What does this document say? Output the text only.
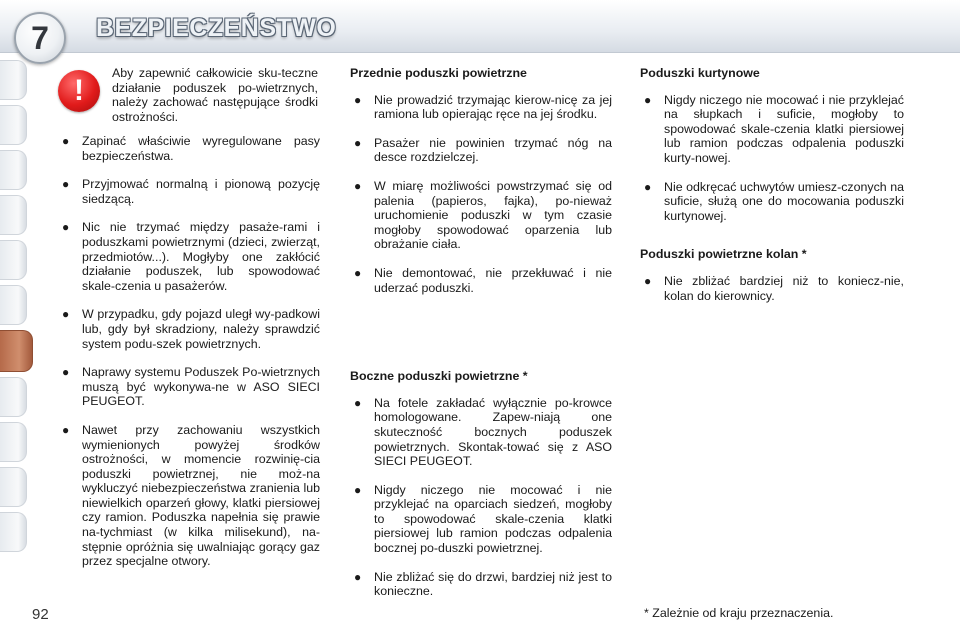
7	BEZPIECZEŃSTWO
!
Aby zapewnić całkowicie sku-teczne działanie poduszek po-wietrznych, należy zachować następujące środki ostrożności.
● Zapinać właściwie wyregulowane pasy bezpieczeństwa.
● Przyjmować normalną i pionową pozycję siedzącą.
● Nic nie trzymać między pasaże-rami i poduszkami powietrznymi (dzieci, zwierząt, przedmiotów...). Mogłyby one zakłócić działanie poduszek, lub spowodować skale-czenia u pasażerów.
● W przypadku, gdy pojazd uległ wy-padkowi lub, gdy był skradziony, należy sprawdzić system podu-szek powietrznych.
● Naprawy systemu Poduszek Po-wietrznych muszą być wykonywa-ne w ASO SIECI PEUGEOT.
● Nawet przy zachowaniu wszystkich wymienionych powyżej środków ostrożności, w momencie rozwinię-cia poduszki powietrznej, nie moż-na wykluczyć niebezpieczeństwa zranienia lub niewielkich oparzeń głowy, klatki piersiowej czy ramion. Poduszka napełnia się prawie na-tychmiast (w kilka milisekund), na-stępnie opróżnia się uwalniając gorący gaz przez specjalne otwory.
Przednie poduszki powietrzne
● Nie prowadzić trzymając kierow-nicę za jej ramiona lub opierając ręce na jej środku.
● Pasażer nie powinien trzymać nóg na desce rozdzielczej.
● W miarę możliwości powstrzymać się od palenia (papieros, fajka), po-nieważ uruchomienie poduszki w tym czasie mogłoby spowodować oparzenia lub obrażanie ciała.
● Nie demontować, nie przekłuwać i nie uderzać poduszki.
Boczne poduszki powietrzne *
● Na fotele zakładać wyłącznie po-krowce homologowane. Zapew-niają one skuteczność bocznych poduszek powietrznych. Skontak-tować się z ASO SIECI PEUGEOT.
● Nigdy niczego nie mocować i nie przyklejać na oparciach siedzeń, mogłoby to spowodować skale-czenia klatki piersiowej lub ramion podczas odpalenia bocznej po-duszki powietrznej.
● Nie zbliżać się do drzwi, bardziej niż jest to konieczne.
Poduszki kurtynowe
● Nigdy niczego nie mocować i nie przyklejać na słupkach i suficie, mogłoby to spowodować skale-czenia klatki piersiowej lub ramion podczas odpalenia poduszki kurty-nowej.
● Nie odkręcać uchwytów umiesz-czonych na suficie, służą one do mocowania poduszki kurtynowej.
Poduszki powietrzne kolan *
● Nie zbliżać bardziej niż to koniecz-nie, kolan do kierownicy.
92	* Zależnie od kraju przeznaczenia.
